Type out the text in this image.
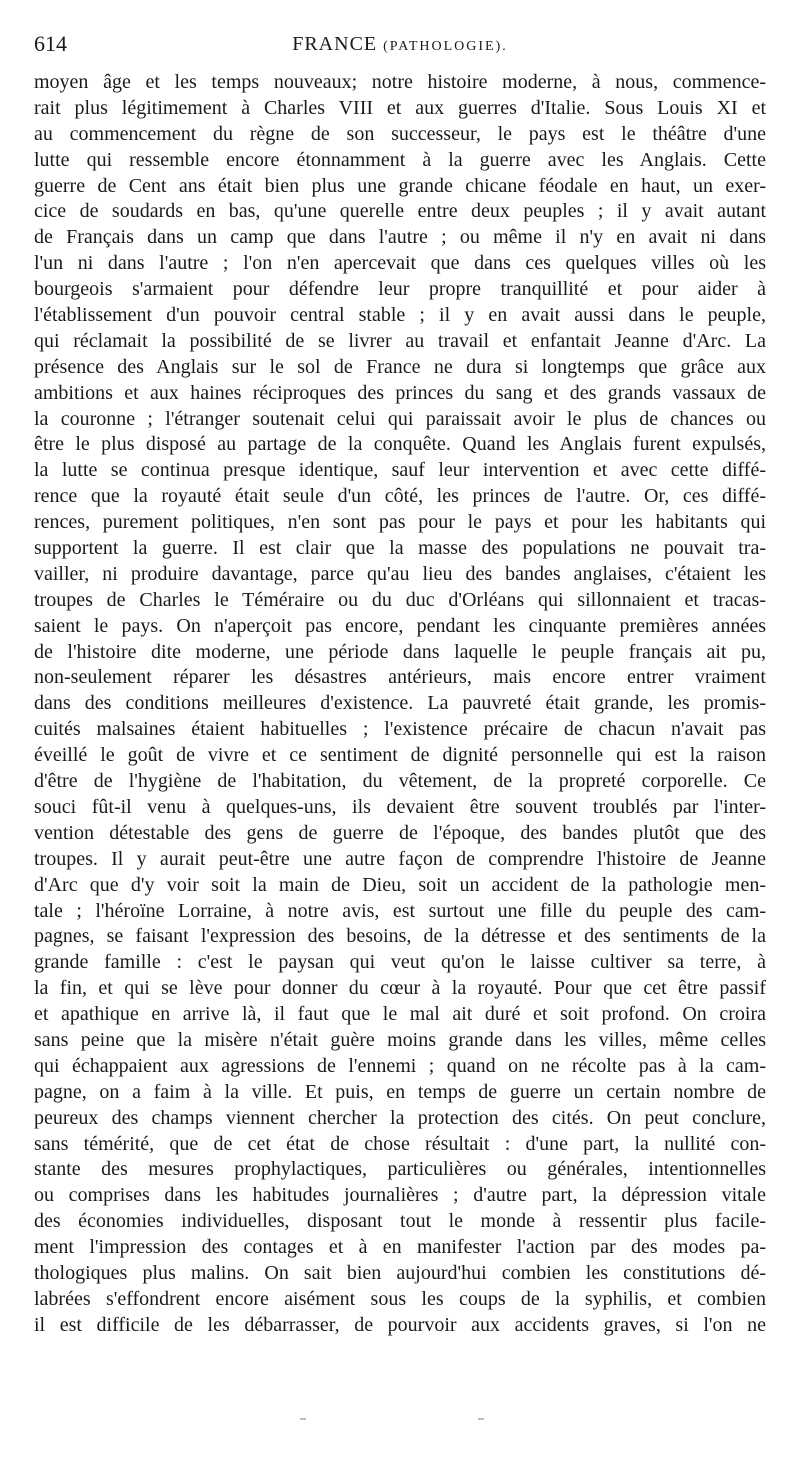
614	FRANCE (PATHOLOGIE).
moyen âge et les temps nouveaux; notre histoire moderne, à nous, commence-
rait plus légitimement à Charles VIII et aux guerres d'Italie. Sous Louis XI et
au commencement du règne de son successeur, le pays est le théâtre d'une
lutte qui ressemble encore étonnamment à la guerre avec les Anglais. Cette
guerre de Cent ans était bien plus une grande chicane féodale en haut, un exer-
cice de soudards en bas, qu'une querelle entre deux peuples ; il y avait autant
de Français dans un camp que dans l'autre ; ou même il n'y en avait ni dans
l'un ni dans l'autre ; l'on n'en apercevait que dans ces quelques villes où les
bourgeois s'armaient pour défendre leur propre tranquillité et pour aider à
l'établissement d'un pouvoir central stable ; il y en avait aussi dans le peuple,
qui réclamait la possibilité de se livrer au travail et enfantait Jeanne d'Arc. La
présence des Anglais sur le sol de France ne dura si longtemps que grâce aux
ambitions et aux haines réciproques des princes du sang et des grands vassaux de
la couronne ; l'étranger soutenait celui qui paraissait avoir le plus de chances ou
être le plus disposé au partage de la conquête. Quand les Anglais furent expulsés,
la lutte se continua presque identique, sauf leur intervention et avec cette diffé-
rence que la royauté était seule d'un côté, les princes de l'autre. Or, ces diffé-
rences, purement politiques, n'en sont pas pour le pays et pour les habitants qui
supportent la guerre. Il est clair que la masse des populations ne pouvait tra-
vailler, ni produire davantage, parce qu'au lieu des bandes anglaises, c'étaient les
troupes de Charles le Téméraire ou du duc d'Orléans qui sillonnaient et tracas-
saient le pays. On n'aperçoit pas encore, pendant les cinquante premières années
de l'histoire dite moderne, une période dans laquelle le peuple français ait pu,
non-seulement réparer les désastres antérieurs, mais encore entrer vraiment
dans des conditions meilleures d'existence. La pauvreté était grande, les promis-
cuités malsaines étaient habituelles ; l'existence précaire de chacun n'avait pas
éveillé le goût de vivre et ce sentiment de dignité personnelle qui est la raison
d'être de l'hygiène de l'habitation, du vêtement, de la propreté corporelle. Ce
souci fût-il venu à quelques-uns, ils devaient être souvent troublés par l'inter-
vention détestable des gens de guerre de l'époque, des bandes plutôt que des
troupes. Il y aurait peut-être une autre façon de comprendre l'histoire de Jeanne
d'Arc que d'y voir soit la main de Dieu, soit un accident de la pathologie men-
tale ; l'héroïne Lorraine, à notre avis, est surtout une fille du peuple des cam-
pagnes, se faisant l'expression des besoins, de la détresse et des sentiments de la
grande famille : c'est le paysan qui veut qu'on le laisse cultiver sa terre, à
la fin, et qui se lève pour donner du cœur à la royauté. Pour que cet être passif
et apathique en arrive là, il faut que le mal ait duré et soit profond. On croira
sans peine que la misère n'était guère moins grande dans les villes, même celles
qui échappaient aux agressions de l'ennemi ; quand on ne récolte pas à la cam-
pagne, on a faim à la ville. Et puis, en temps de guerre un certain nombre de
peureux des champs viennent chercher la protection des cités. On peut conclure,
sans témérité, que de cet état de chose résultait : d'une part, la nullité con-
stante des mesures prophylactiques, particulières ou générales, intentionnelles
ou comprises dans les habitudes journalières ; d'autre part, la dépression vitale
des économies individuelles, disposant tout le monde à ressentir plus facile-
ment l'impression des contages et à en manifester l'action par des modes pa-
thologiques plus malins. On sait bien aujourd'hui combien les constitutions dé-
labrées s'effondrent encore aisément sous les coups de la syphilis, et combien
il est difficile de les débarrasser, de pourvoir aux accidents graves, si l'on ne
